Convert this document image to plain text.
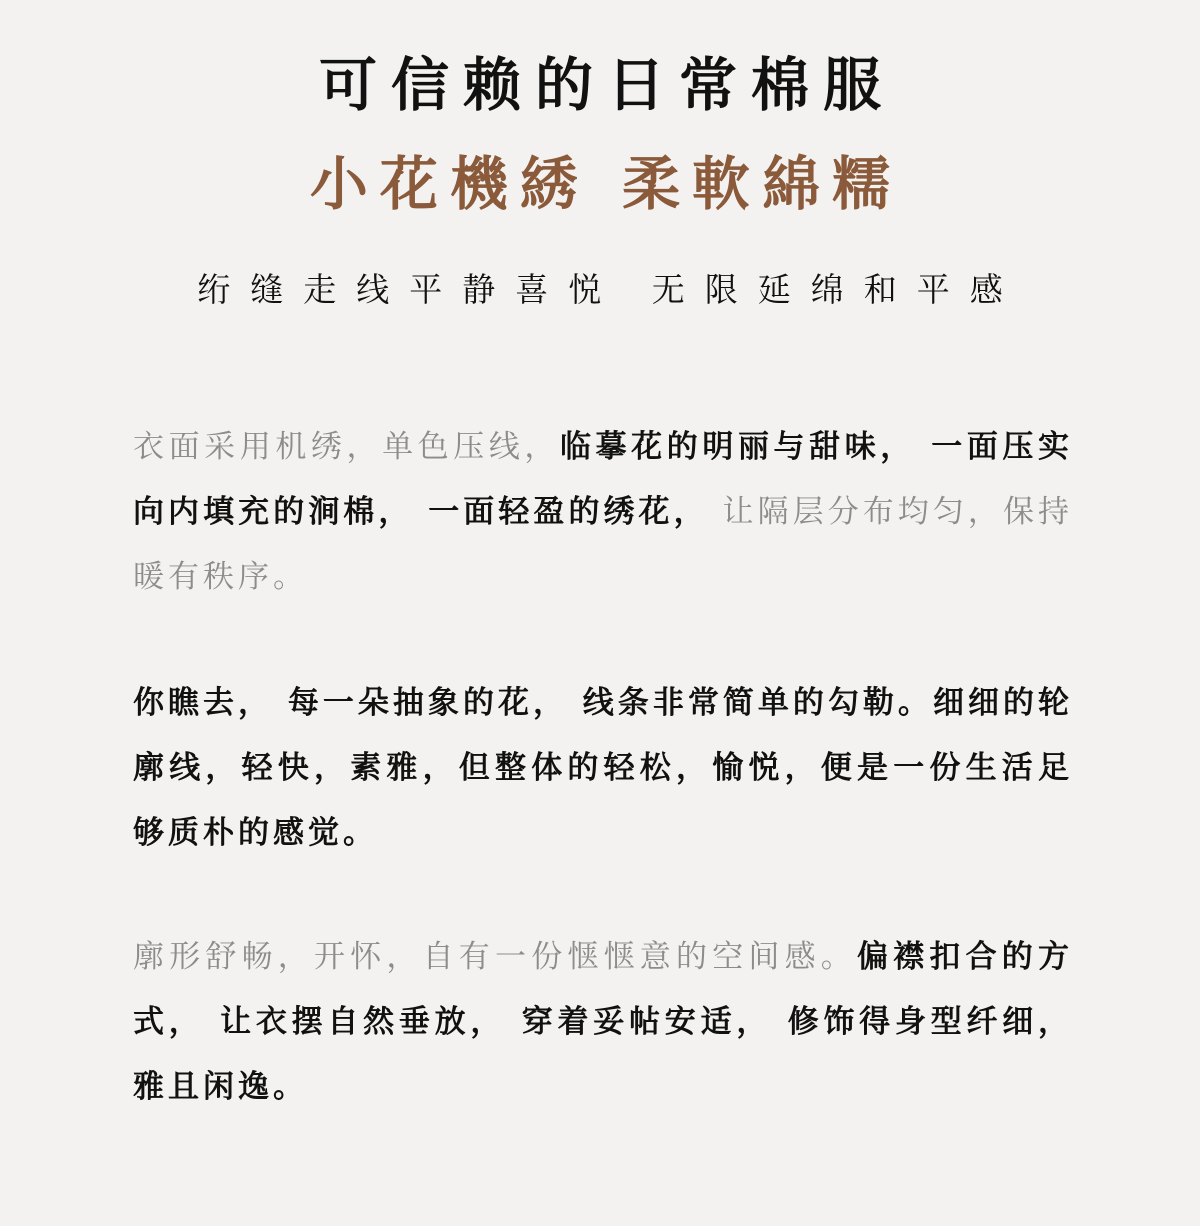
可信赖的日常棉服
小花機綉 柔軟綿糯
绗缝走线平静喜悦 无限延绵和平感

衣面采用机绣，单色压线，临摹花的明丽与甜味， 一面压实向内填充的涧棉， 一面轻盈的绣花， 让隔层分布均匀，保持暖有秩序。

你瞧去， 每一朵抽象的花， 线条非常简单的勾勒。细细的轮廓线，轻快，素雅，但整体的轻松，愉悦，便是一份生活足够质朴的感觉。

廓形舒畅，开怀，自有一份惬惬意的空间感。偏襟扣合的方式， 让衣摆自然垂放， 穿着妥帖安适， 修饰得身型纤细， 雅且闲逸。
